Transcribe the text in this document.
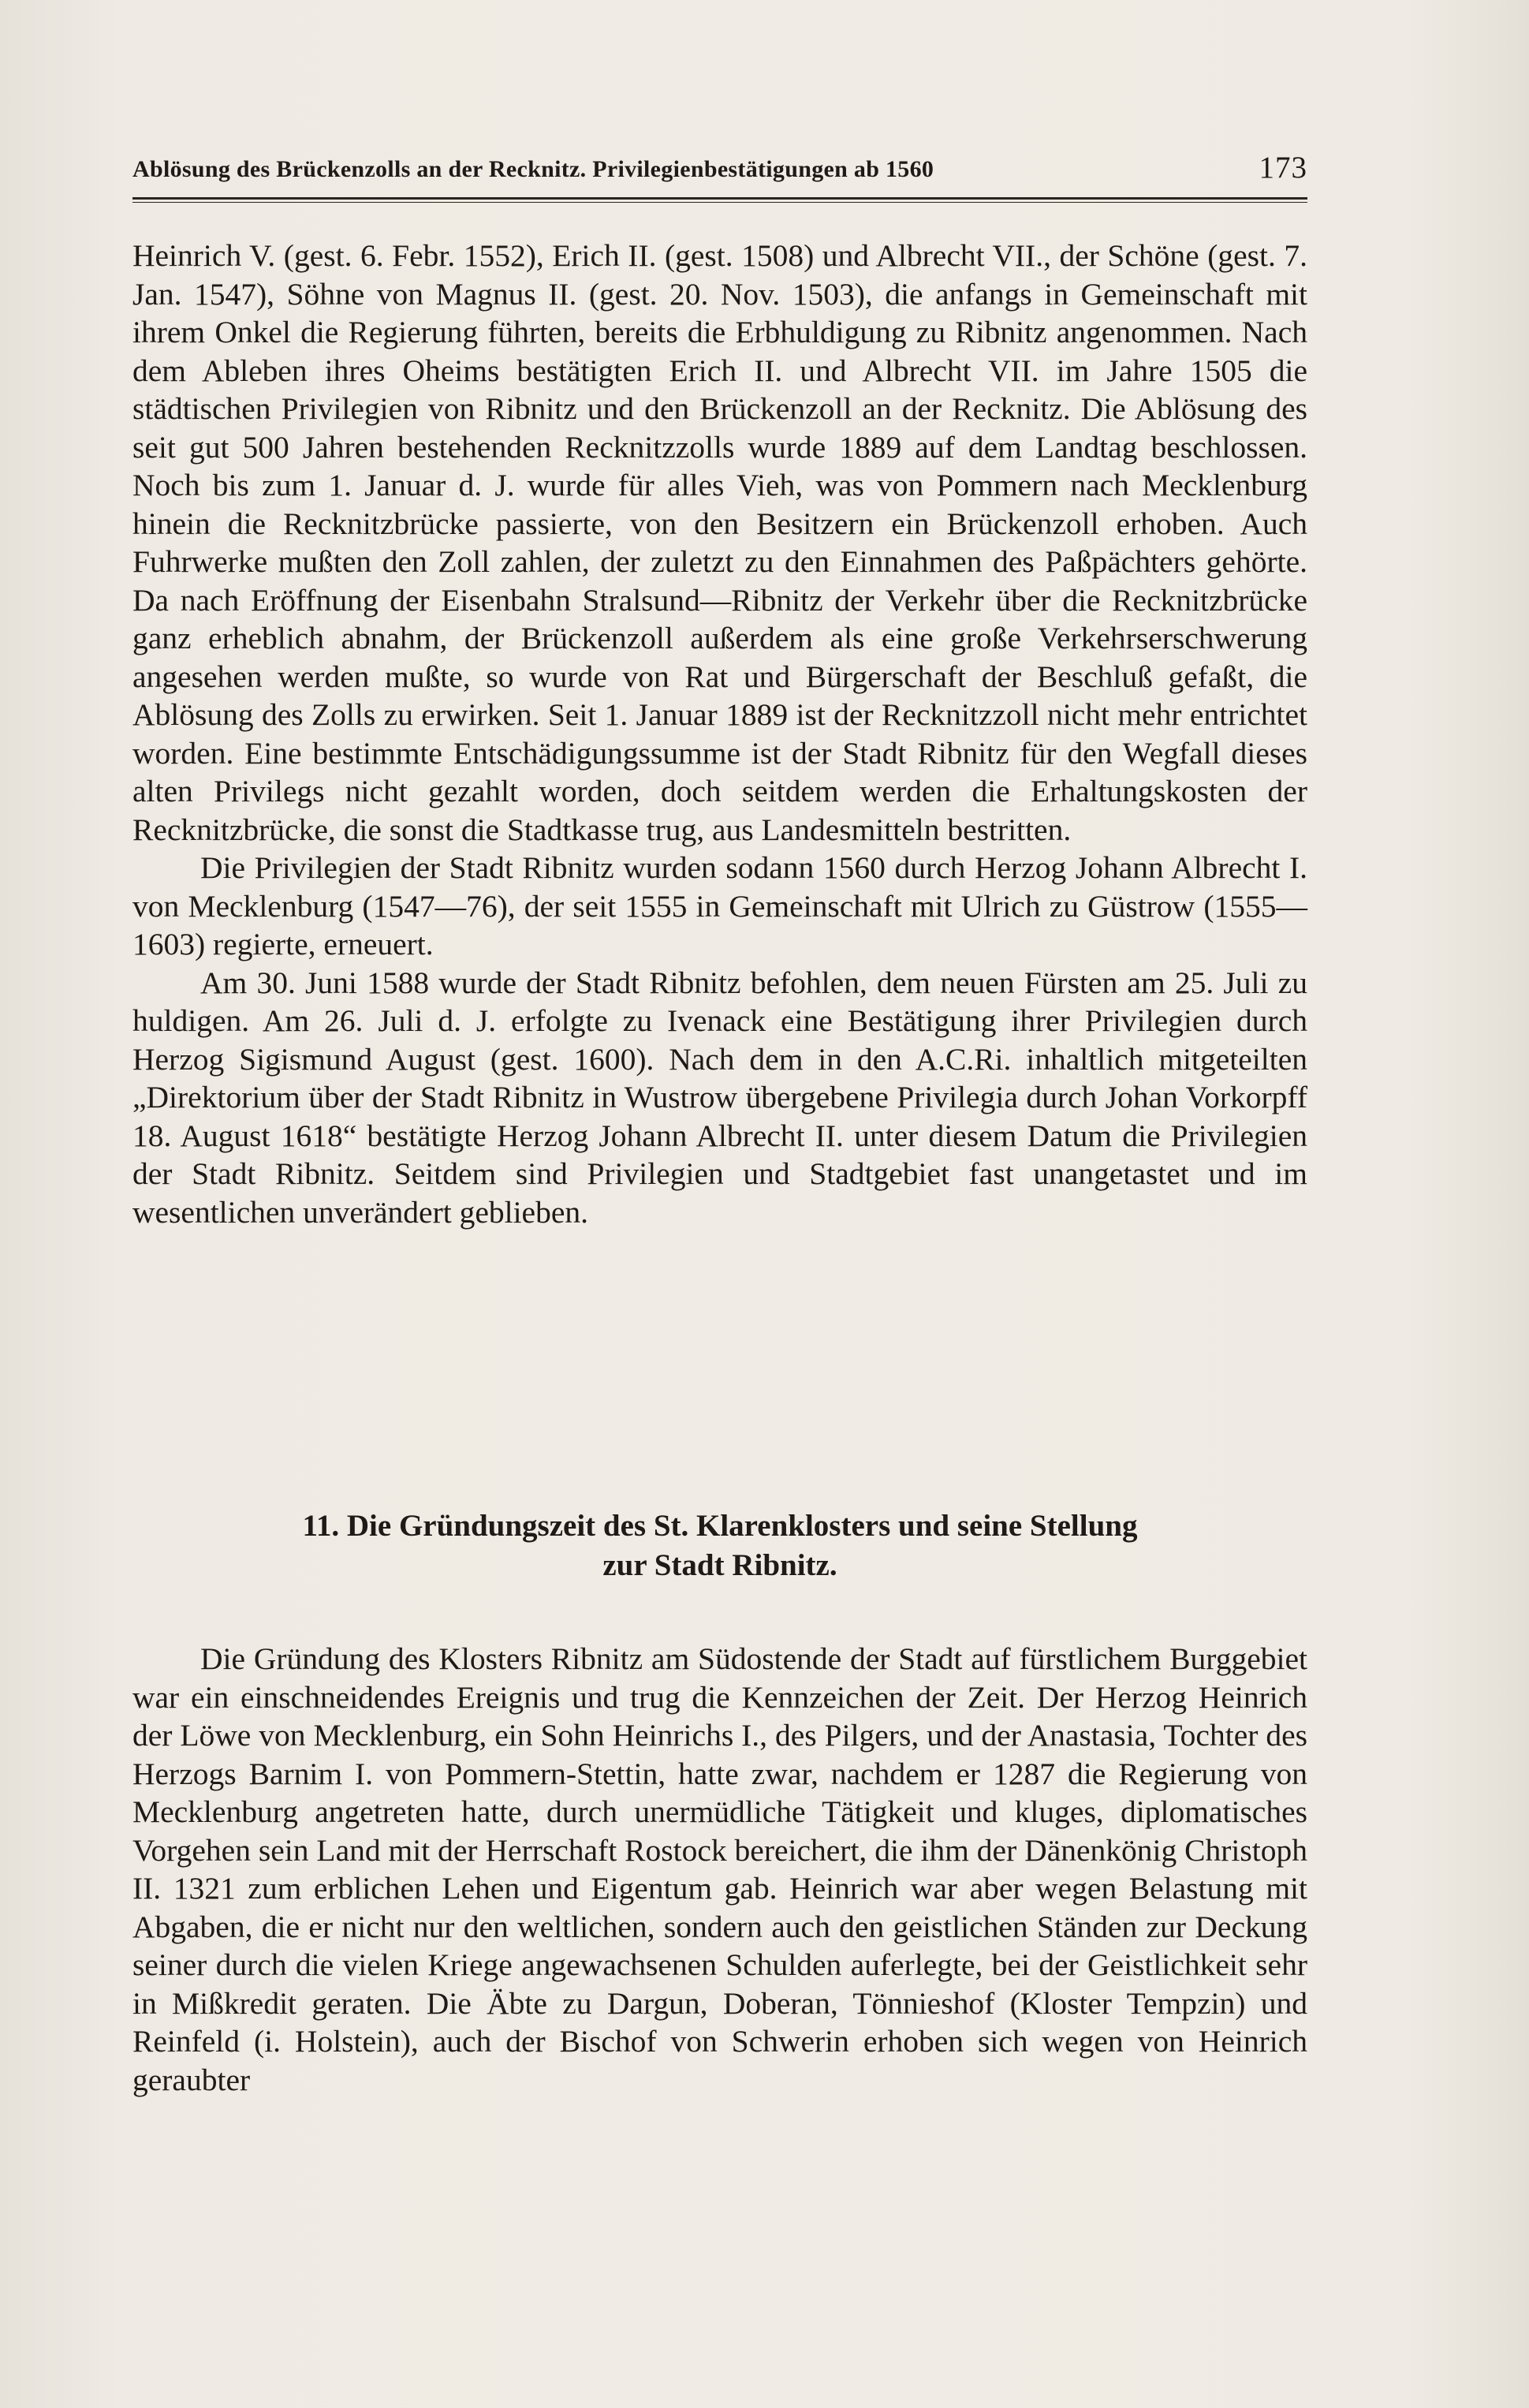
Ablösung des Brückenzolls an der Recknitz. Privilegienbestätigungen ab 1560	173

Heinrich V. (gest. 6. Febr. 1552), Erich II. (gest. 1508) und Albrecht VII., der Schöne (gest. 7. Jan. 1547), Söhne von Magnus II. (gest. 20. Nov. 1503), die anfangs in Gemeinschaft mit ihrem Onkel die Regierung führten, bereits die Erbhuldigung zu Ribnitz angenommen. Nach dem Ableben ihres Oheims bestätigten Erich II. und Albrecht VII. im Jahre 1505 die städtischen Privilegien von Ribnitz und den Brückenzoll an der Recknitz. Die Ablösung des seit gut 500 Jahren bestehenden Recknitzzolls wurde 1889 auf dem Landtag beschlossen. Noch bis zum 1. Januar d. J. wurde für alles Vieh, was von Pommern nach Mecklenburg hinein die Recknitzbrücke passierte, von den Besitzern ein Brückenzoll erhoben. Auch Fuhrwerke mußten den Zoll zahlen, der zuletzt zu den Einnahmen des Paßpächters gehörte. Da nach Eröffnung der Eisenbahn Stralsund—Ribnitz der Verkehr über die Recknitzbrücke ganz erheblich abnahm, der Brückenzoll außerdem als eine große Verkehrserschwerung angesehen werden mußte, so wurde von Rat und Bürgerschaft der Beschluß gefaßt, die Ablösung des Zolls zu erwirken. Seit 1. Januar 1889 ist der Recknitzzoll nicht mehr entrichtet worden. Eine bestimmte Entschädigungssumme ist der Stadt Ribnitz für den Wegfall dieses alten Privilegs nicht gezahlt worden, doch seitdem werden die Erhaltungskosten der Recknitzbrücke, die sonst die Stadtkasse trug, aus Landesmitteln bestritten.

Die Privilegien der Stadt Ribnitz wurden sodann 1560 durch Herzog Johann Albrecht I. von Mecklenburg (1547—76), der seit 1555 in Gemeinschaft mit Ulrich zu Güstrow (1555—1603) regierte, erneuert.

Am 30. Juni 1588 wurde der Stadt Ribnitz befohlen, dem neuen Fürsten am 25. Juli zu huldigen. Am 26. Juli d. J. erfolgte zu Ivenack eine Bestätigung ihrer Privilegien durch Herzog Sigismund August (gest. 1600). Nach dem in den A.C.Ri. inhaltlich mitgeteilten „Direktorium über der Stadt Ribnitz in Wustrow übergebene Privilegia durch Johan Vorkorpff 18. August 1618“ bestätigte Herzog Johann Albrecht II. unter diesem Datum die Privilegien der Stadt Ribnitz. Seitdem sind Privilegien und Stadtgebiet fast unangetastet und im wesentlichen unverändert geblieben.

11. Die Gründungszeit des St. Klarenklosters und seine Stellung
zur Stadt Ribnitz.

Die Gründung des Klosters Ribnitz am Südostende der Stadt auf fürstlichem Burggebiet war ein einschneidendes Ereignis und trug die Kennzeichen der Zeit. Der Herzog Heinrich der Löwe von Mecklenburg, ein Sohn Heinrichs I., des Pilgers, und der Anastasia, Tochter des Herzogs Barnim I. von Pommern-Stettin, hatte zwar, nachdem er 1287 die Regierung von Mecklenburg angetreten hatte, durch unermüdliche Tätigkeit und kluges, diplomatisches Vorgehen sein Land mit der Herrschaft Rostock bereichert, die ihm der Dänenkönig Christoph II. 1321 zum erblichen Lehen und Eigentum gab. Heinrich war aber wegen Belastung mit Abgaben, die er nicht nur den weltlichen, sondern auch den geistlichen Ständen zur Deckung seiner durch die vielen Kriege angewachsenen Schulden auferlegte, bei der Geistlichkeit sehr in Mißkredit geraten. Die Äbte zu Dargun, Doberan, Tönnieshof (Kloster Tempzin) und Reinfeld (i. Holstein), auch der Bischof von Schwerin erhoben sich wegen von Heinrich geraubter
